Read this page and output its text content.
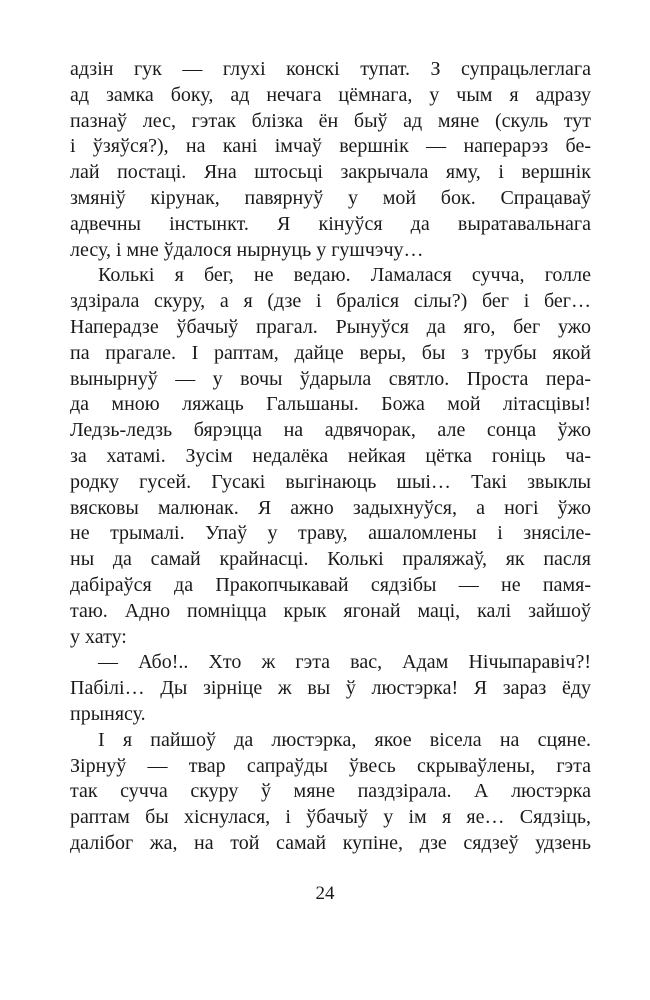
адзін гук — глухі конскі тупат. З супрацьлеглага
ад замка боку, ад нечага цёмнага, у чым я адразу
пазнаў лес, гэтак блізка ён быў ад мяне (скуль тут
і ўзяўся?), на кані імчаў вершнік — наперарэз бе-
лай постаці. Яна штосьці закрычала яму, і вершнік
змяніў кірунак, павярнуў у мой бок. Спрацаваў
адвечны інстынкт. Я кінуўся да выратавальнага
лесу, і мне ўдалося нырнуць у гушчэчу…
Колькі я бег, не ведаю. Ламалася суччa, голле
здзірала скуру, а я (дзе і браліся сілы?) бег і бег…
Наперадзе ўбачыў прагал. Рынуўся да яго, бег ужо
па прагале. І раптам, дайце веры, бы з трубы якой
вынырнуў — у вочы ўдарыла святло. Проста пера-
да мною ляжаць Гальшаны. Божа мой літасцівы!
Ледзь-ледзь бярэцца на адвячорак, але сонца ўжо
за хатамі. Зусім недалёка нейкая цётка гоніць ча-
родку гусей. Гусакі выгінаюць шыі… Такі звыклы
вясковы малюнак. Я ажно задыхнуўся, а ногі ўжо
не трымалі. Упаў у траву, ашаломлены і знясіле-
ны да самай крайнасці. Колькі праляжаў, як пасля
дабіраўся да Пракопчыкавай сядзібы — не памя-
таю. Адно помніцца крык ягонай маці, калі зайшоў
у хату:
— Або!.. Хто ж гэта вас, Адам Нічыпаравіч?!
Пабілі… Ды зірніце ж вы ў люстэрка! Я зараз ёду
прынясу.
І я пайшоў да люстэрка, якое вісела на сцяне.
Зірнуў — твар сапраўды ўвесь скрываўлены, гэта
так сучча скуру ў мяне паздзірала. А люстэрка
раптам бы хіснулася, і ўбачыў у ім я яе… Сядзіць,
далібог жа, на той самай купіне, дзе сядзеў удзень
24
